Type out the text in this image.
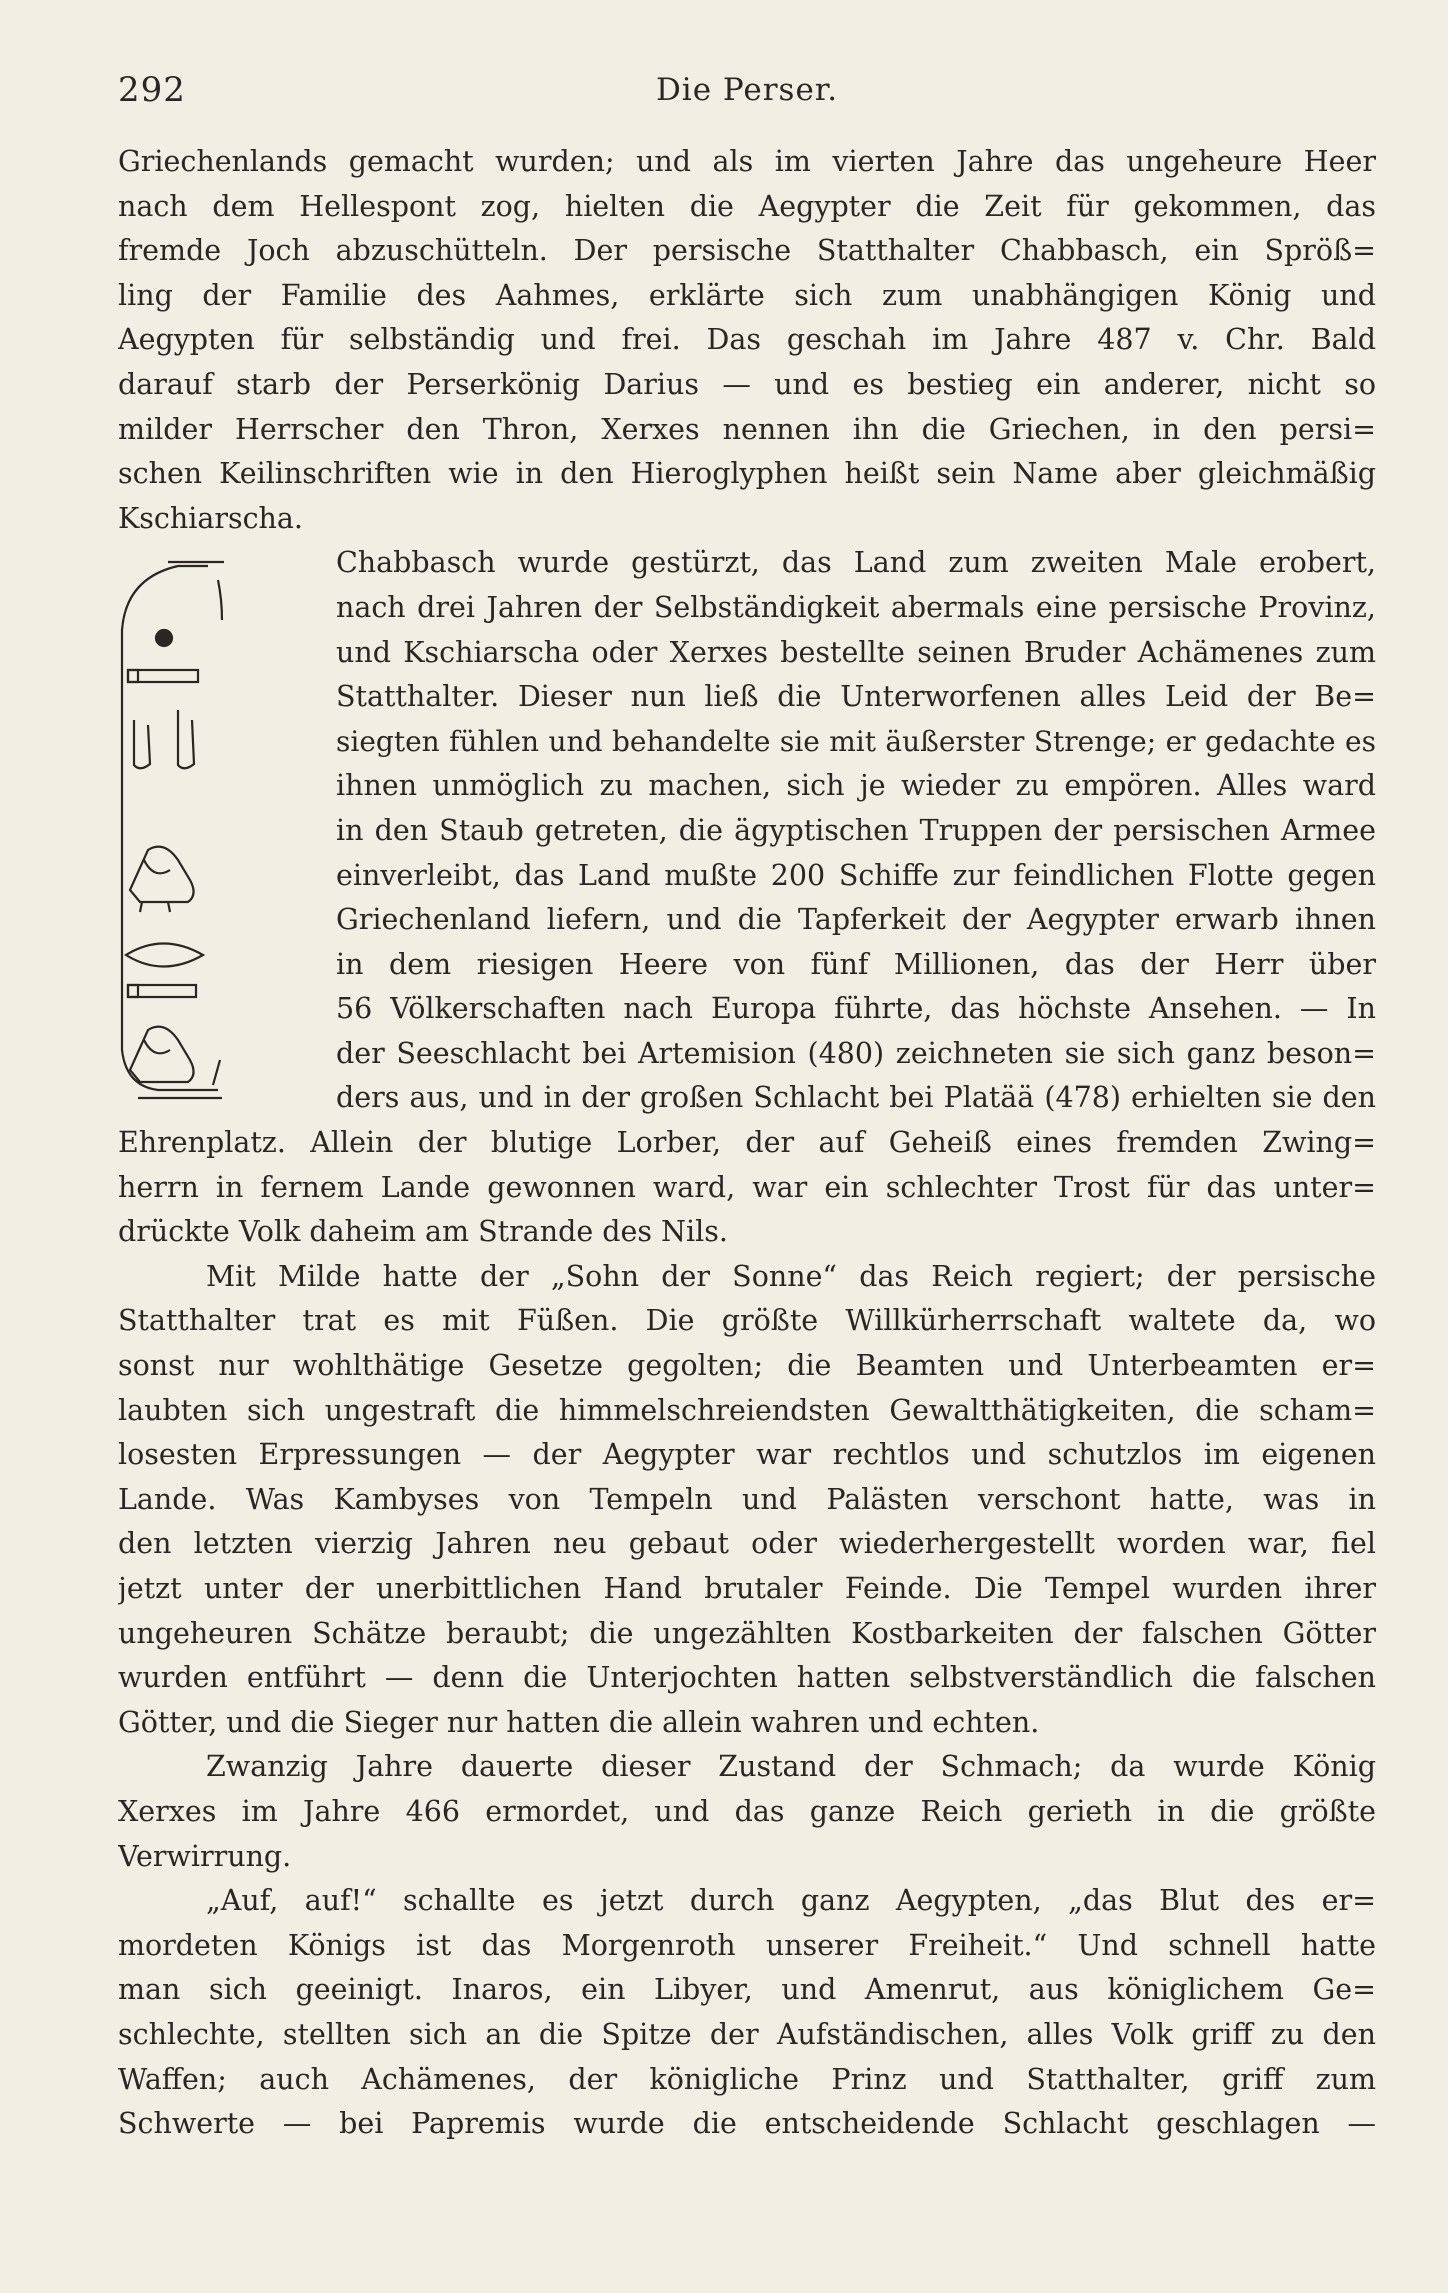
292	Die Perser.
Griechenlands gemacht wurden; und als im vierten Jahre das ungeheure Heer
nach dem Hellespont zog, hielten die Aegypter die Zeit für gekommen, das
fremde Joch abzuschütteln. Der persische Statthalter Chabbasch, ein Spröß=
ling der Familie des Aahmes, erklärte sich zum unabhängigen König und
Aegypten für selbständig und frei. Das geschah im Jahre 487 v. Chr. Bald
darauf starb der Perserkönig Darius — und es bestieg ein anderer, nicht so
milder Herrscher den Thron, Xerxes nennen ihn die Griechen, in den persi=
schen Keilinschriften wie in den Hieroglyphen heißt sein Name aber gleichmäßig
Kschiarscha.
Chabbasch wurde gestürzt, das Land zum zweiten Male erobert,
nach drei Jahren der Selbständigkeit abermals eine persische Provinz,
und Kschiarscha oder Xerxes bestellte seinen Bruder Achämenes zum
Statthalter. Dieser nun ließ die Unterworfenen alles Leid der Be=
siegten fühlen und behandelte sie mit äußerster Strenge; er gedachte es
ihnen unmöglich zu machen, sich je wieder zu empören. Alles ward
in den Staub getreten, die ägyptischen Truppen der persischen Armee
einverleibt, das Land mußte 200 Schiffe zur feindlichen Flotte gegen
Griechenland liefern, und die Tapferkeit der Aegypter erwarb ihnen
in dem riesigen Heere von fünf Millionen, das der Herr über
56 Völkerschaften nach Europa führte, das höchste Ansehen. — In
der Seeschlacht bei Artemision (480) zeichneten sie sich ganz beson=
ders aus, und in der großen Schlacht bei Platää (478) erhielten sie den
Ehrenplatz. Allein der blutige Lorber, der auf Geheiß eines fremden Zwing=
herrn in fernem Lande gewonnen ward, war ein schlechter Trost für das unter=
drückte Volk daheim am Strande des Nils.
Mit Milde hatte der „Sohn der Sonne“ das Reich regiert; der persische
Statthalter trat es mit Füßen. Die größte Willkürherrschaft waltete da, wo
sonst nur wohlthätige Gesetze gegolten; die Beamten und Unterbeamten er=
laubten sich ungestraft die himmelschreiendsten Gewaltthätigkeiten, die scham=
losesten Erpressungen — der Aegypter war rechtlos und schutzlos im eigenen
Lande. Was Kambyses von Tempeln und Palästen verschont hatte, was in
den letzten vierzig Jahren neu gebaut oder wiederhergestellt worden war, fiel
jetzt unter der unerbittlichen Hand brutaler Feinde. Die Tempel wurden ihrer
ungeheuren Schätze beraubt; die ungezählten Kostbarkeiten der falschen Götter
wurden entführt — denn die Unterjochten hatten selbstverständlich die falschen
Götter, und die Sieger nur hatten die allein wahren und echten.
Zwanzig Jahre dauerte dieser Zustand der Schmach; da wurde König
Xerxes im Jahre 466 ermordet, und das ganze Reich gerieth in die größte
Verwirrung.
„Auf, auf!“ schallte es jetzt durch ganz Aegypten, „das Blut des er=
mordeten Königs ist das Morgenroth unserer Freiheit.“ Und schnell hatte
man sich geeinigt. Inaros, ein Libyer, und Amenrut, aus königlichem Ge=
schlechte, stellten sich an die Spitze der Aufständischen, alles Volk griff zu den
Waffen; auch Achämenes, der königliche Prinz und Statthalter, griff zum
Schwerte — bei Papremis wurde die entscheidende Schlacht geschlagen —
